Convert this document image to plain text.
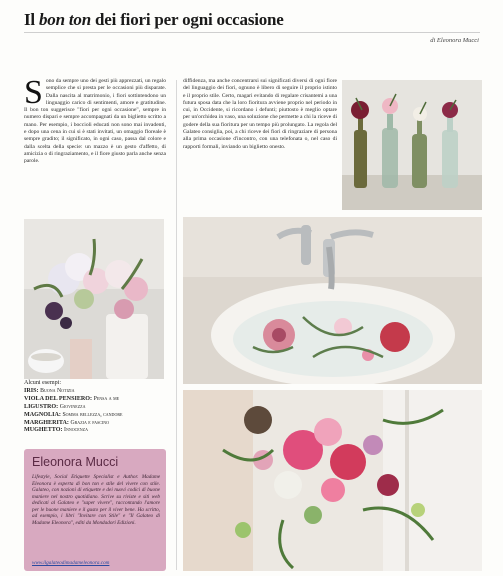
Il bon ton dei fiori per ogni occasione
di Eleonora Mucci
Sono da sempre uno dei gesti più apprezzati, un regalo semplice che si presta per le occasioni più disparate. Dalla nascita al matrimonio, i fiori sottintendono un linguaggio carico di sentimenti, amore e gratitudine. Il bon ton suggerisce "fiori per ogni occasione", sempre in numero dispari e sempre accompagnati da un biglietto scritto a mano. Per esempio, i boccioli educati non sono mai invadenti, e dopo una cena in cui si è stati invitati, un omaggio floreale è sempre gradito; il significato, in ogni caso, passa dal colore e dalla scelta della specie: un mazzo è un gesto d'affetto, di amicizia o di ringraziamento, e il fiore giusto parla anche senza parole.
diffidenza, ma anche concentrarsi sui significati diversi di ogni fiore del linguaggio dei fiori, ognuno è libero di seguire il proprio istinto e il proprio stile. Certo, magari evitando di regalare crisantemi a una futura sposa data che la loro fioritura avviene proprio nel periodo in cui, in Occidente, si ricordano i defunti; piuttosto è meglio optare per un'orchidea in vaso, una soluzione che permette a chi la riceve di godere della sua fioritura per un tempo più prolungato. La regola del Galateo consiglia, poi, a chi riceve dei fiori di ringraziare di persona alla prima occasione d'incontro, con una telefonata o, nel caso di rapporti formali, inviando un biglietto onesto.
Alcuni esempi:
IRIS: Buona Notizia
VIOLA DEL PENSIERO: Pensa a me
LIGUSTRO: Giovinezza
MAGNOLIA: Somma bellezza, candore
MARGHERITA: Grazia e fascino
MUGHETTO: Innocenza
Eleonora Mucci
Lifestyle, Social Etiquette Specialist e Author. Madame Eleonora è esperta di bon ton e stile del vivere con stile. Galateo, con nozioni di etiquette e dei nuovi codici di buone maniere nel nostro quotidiano. Scrive su riviste e siti web dedicati al Galateo e "saper vivere", raccontando l'amore per le buone maniere e il gusto per il viver bene. Ha scritto, ad esempio, i libri "Invitare con Stile" e "Il Galateo di Madame Eleonora", editi da Mondadori Edizioni.
www.ilgalateodimadameleonora.com
